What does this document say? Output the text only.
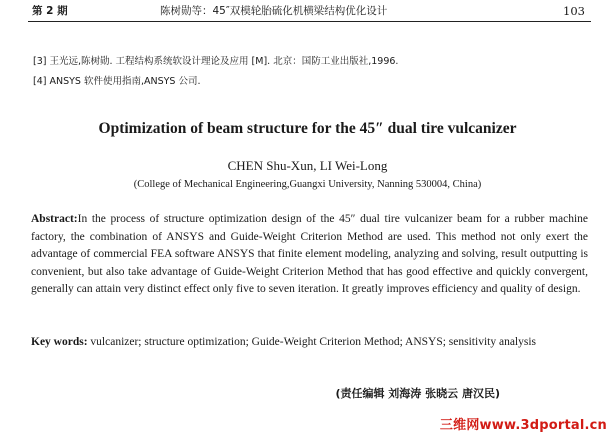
第 2 期	陈树勋等：45″双模轮胎硫化机横梁结构优化设计	103
[3] 王光远,陈树勋. 工程结构系统软设计理论及应用 [M]. 北京：国防工业出版社,1996.
[4] ANSYS 软件使用指南,ANSYS 公司.
Optimization of beam structure for the 45″ dual tire vulcanizer
CHEN Shu-Xun, LI Wei-Long
(College of Mechanical Engineering,Guangxi University, Nanning 530004, China)

Abstract:In the process of structure optimization design of the 45″ dual tire vulcanizer beam for a rubber machine factory, the combination of ANSYS and Guide-Weight Criterion Method are used. This method not only exert the advantage of commercial FEA software ANSYS that finite element modeling, analyzing and solving, result outputting is convenient, but also take advantage of Guide-Weight Criterion Method that has good effective and quickly convergent, generally can attain very distinct effect only five to seven iteration. It greatly improves efficiency and quality of design.

Key words: vulcanizer; structure optimization; Guide-Weight Criterion Method; ANSYS; sensitivity analysis

(责任编辑 刘海涛 张晓云 唐汉民)
三维网www.3dportal.cn
